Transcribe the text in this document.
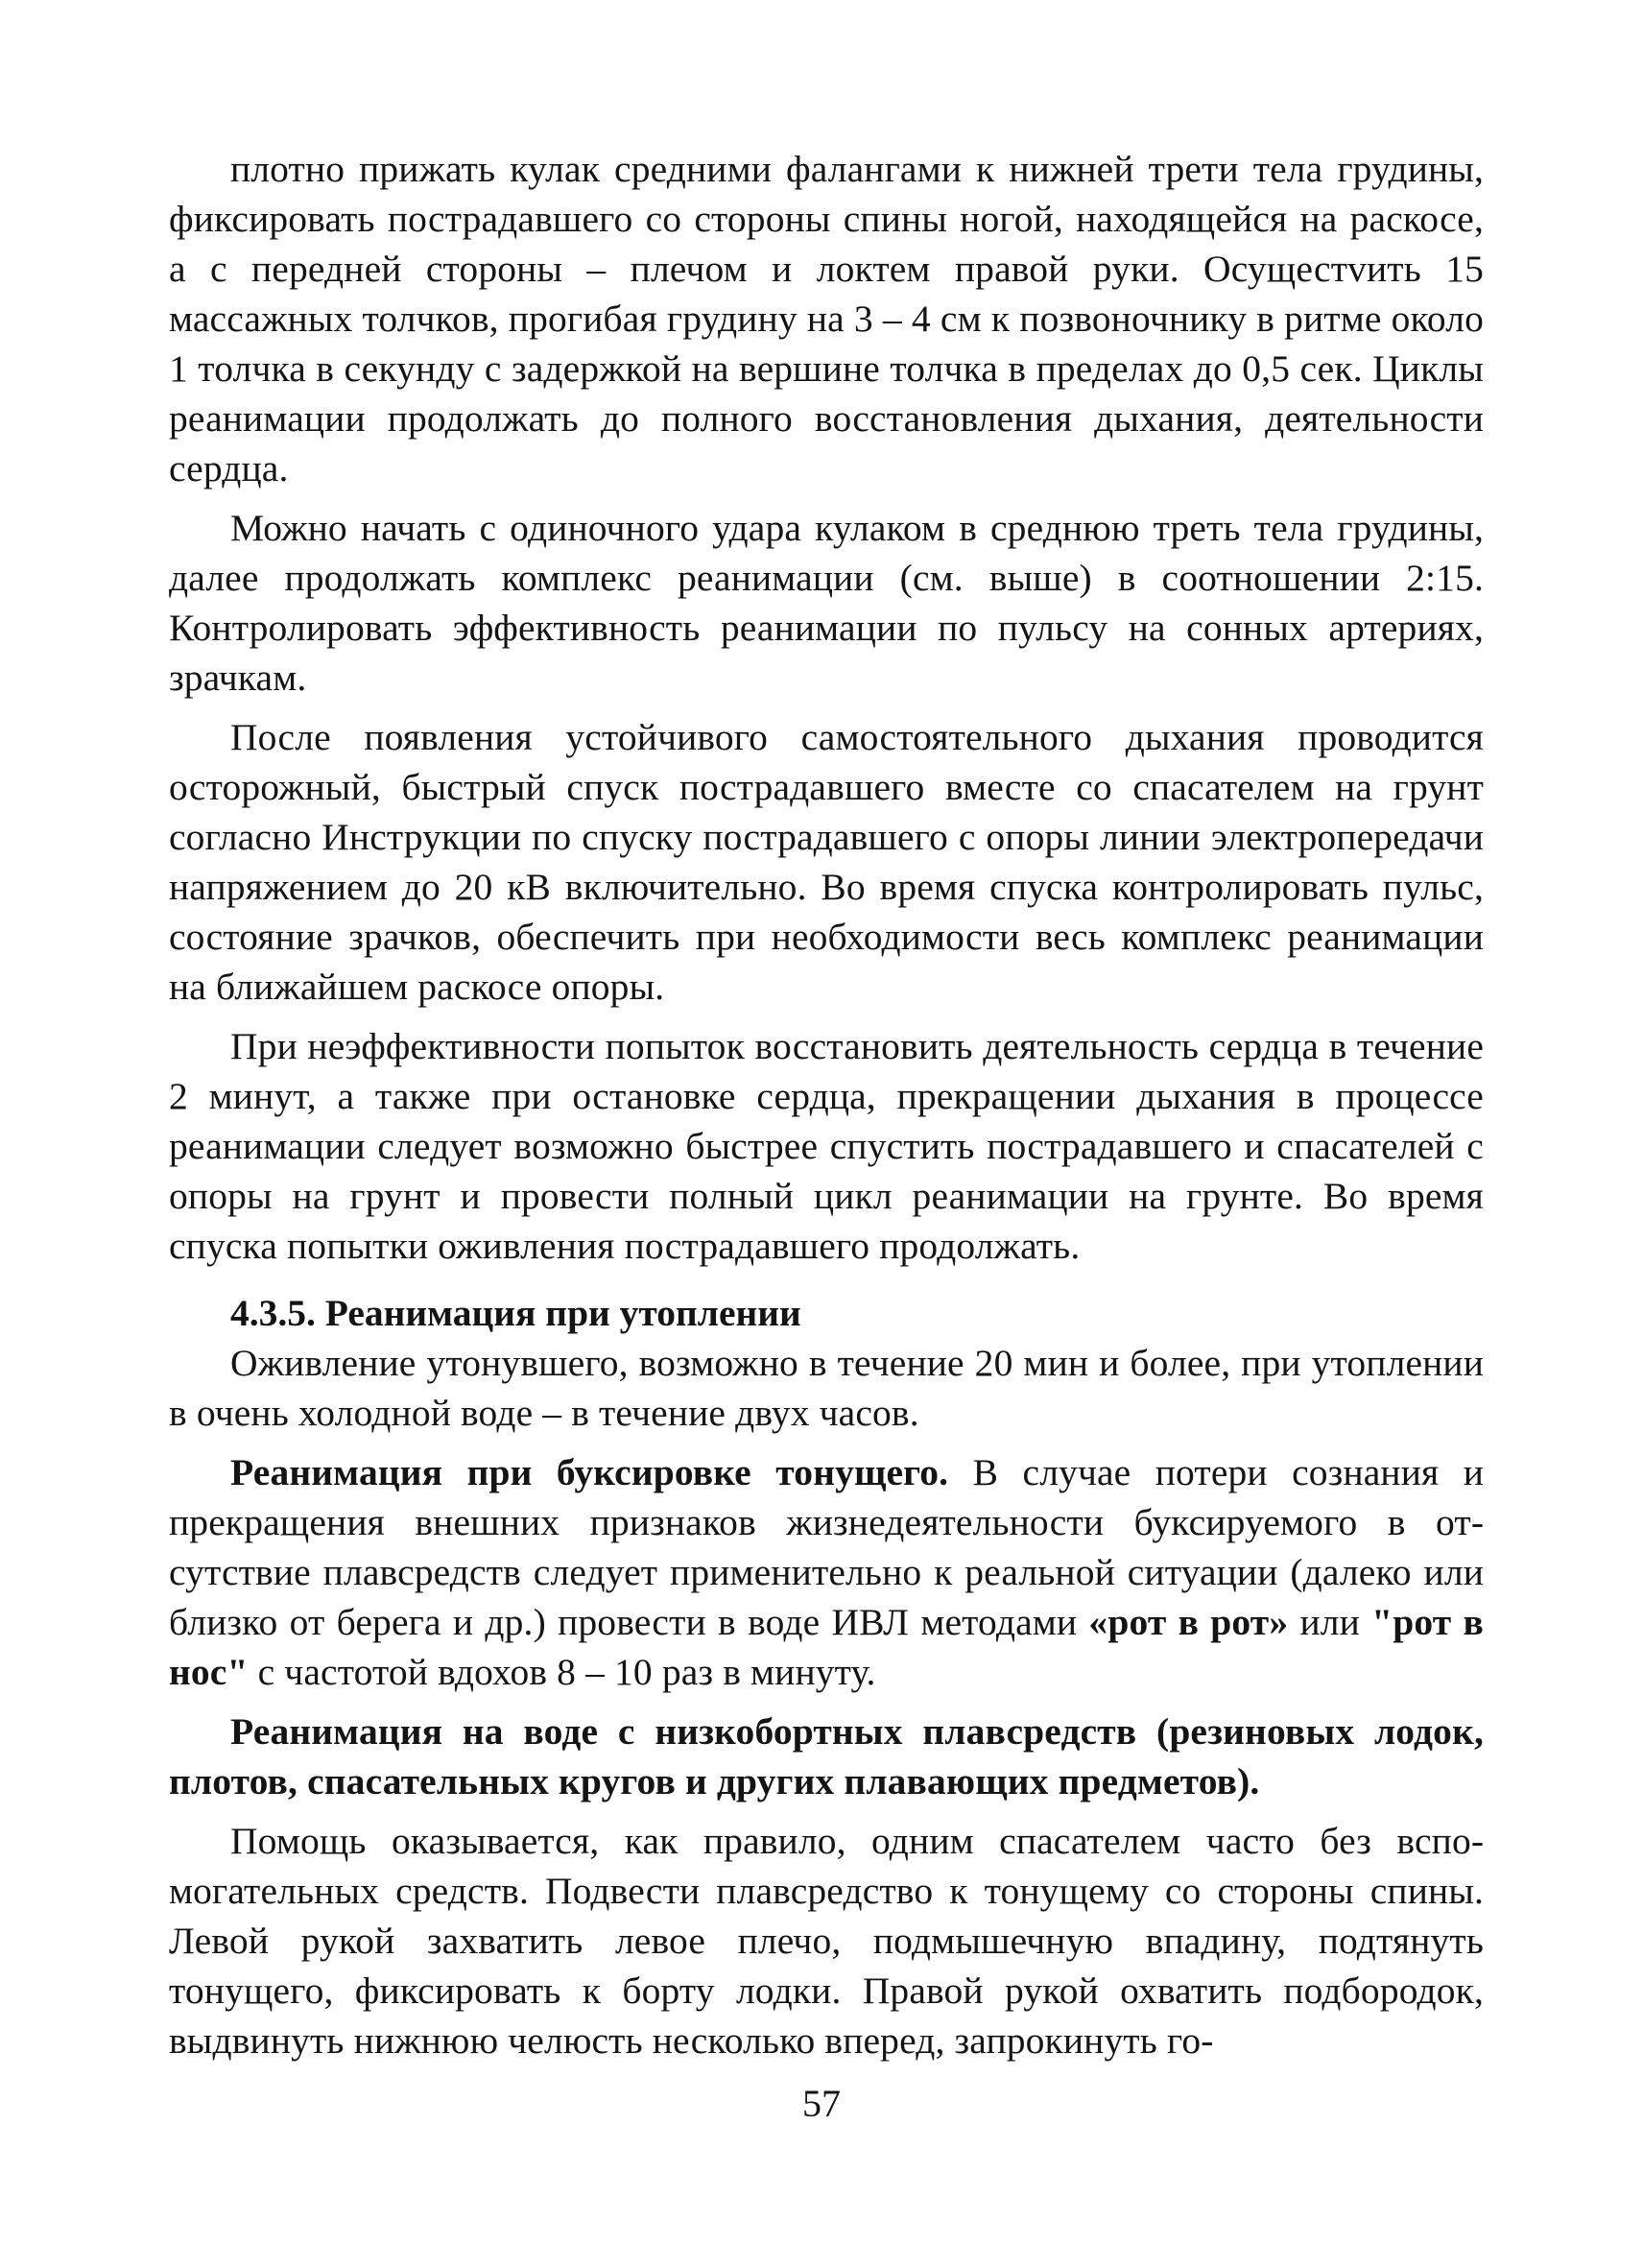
плотно прижать кулак средними фалангами к нижней трети тела грудины, фиксировать пострадавшего со стороны спины ногой, находящейся на раскосе, а с передней стороны – плечом и локтем правой руки. Осущестvить 15 массажных толчков, прогибая грудину на 3 – 4 см к позвоночнику в ритме около 1 толчка в секунду с задержкой на вершине толчка в пределах до 0,5 сек. Циклы реанимации продолжать до полного восстановления дыхания, деятельности сердца.

Можно начать с одиночного удара кулаком в среднюю треть тела грудины, далее продолжать комплекс реанимации (см. выше) в соотношении 2:15. Контролировать эффективность реанимации по пульсу на сонных артериях, зрачкам.

После появления устойчивого самостоятельного дыхания проводится осторожный, быстрый спуск пострадавшего вместе со спасателем на грунт согласно Инструкции по спуску пострадавшего с опоры линии электропередачи напряжением до 20 кВ включительно. Во время спуска контролировать пульс, состояние зрачков, обеспечить при необходимости весь комплекс реанимации на ближайшем раскосе опоры.

При неэффективности попыток восстановить деятельность сердца в течение 2 минут, а также при остановке сердца, прекращении дыхания в процессе реанимации следует возможно быстрее спустить пострадавшего и спасателей с опоры на грунт и провести полный цикл реанимации на грунте. Во время спуска попытки оживления пострадавшего продолжать.

4.3.5. Реанимация при утоплении

Оживление утонувшего, возможно в течение 20 мин и более, при утоплении в очень холодной воде – в течение двух часов.

Реанимация при буксировке тонущего. В случае потери сознания и прекращения внешних признаков жизнедеятельности буксируемого в отсутствие плавсредств следует применительно к реальной ситуации (далеко или близко от берега и др.) провести в воде ИВЛ методами «рот в рот» или "рот в нос" с частотой вдохов 8 – 10 раз в минуту.

Реанимация на воде с низкобортных плавсредств (резиновых лодок, плотов, спасательных кругов и других плавающих предметов).

Помощь оказывается, как правило, одним спасателем часто без вспомогательных средств. Подвести плавсредство к тонущему со стороны спины. Левой рукой захватить левое плечо, подмышечную впадину, подтянуть тонущего, фиксировать к борту лодки. Правой рукой охватить подбородок, выдвинуть нижнюю челюсть несколько вперед, запрокинуть го-

57
